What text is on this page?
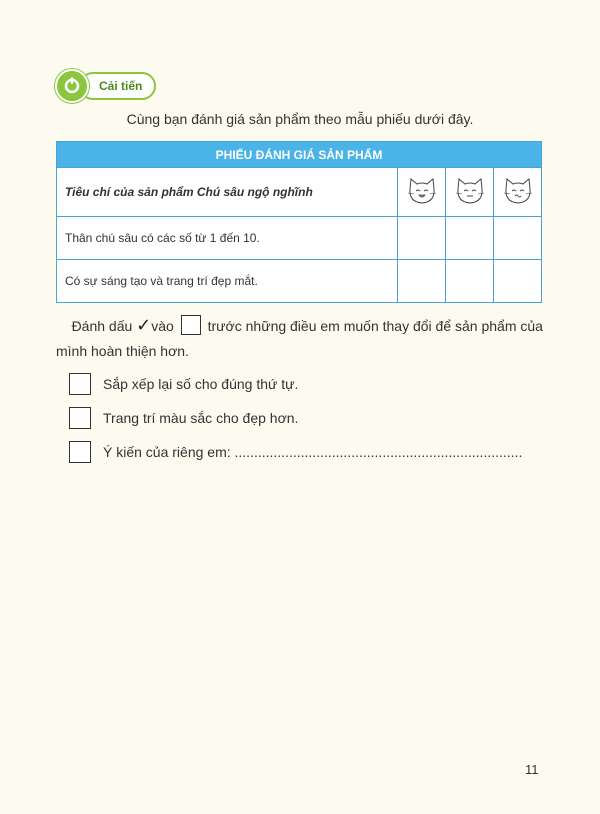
Cải tiến
Cùng bạn đánh giá sản phẩm theo mẫu phiếu dưới đây.
PHIẾU ĐÁNH GIÁ SẢN PHẨM			
Tiêu chí của sản phẩm Chú sâu ngộ nghĩnh			
Thân chú sâu có các số từ 1 đến 10.			
Có sự sáng tạo và trang trí đẹp mắt.			
Đánh dấu ✓vào trước những điều em muốn thay đổi để sản phẩm của mình hoàn thiện hơn.
Sắp xếp lại số cho đúng thứ tự.
Trang trí màu sắc cho đẹp hơn.
Ý kiến của riêng em: ..........................................................................
11
